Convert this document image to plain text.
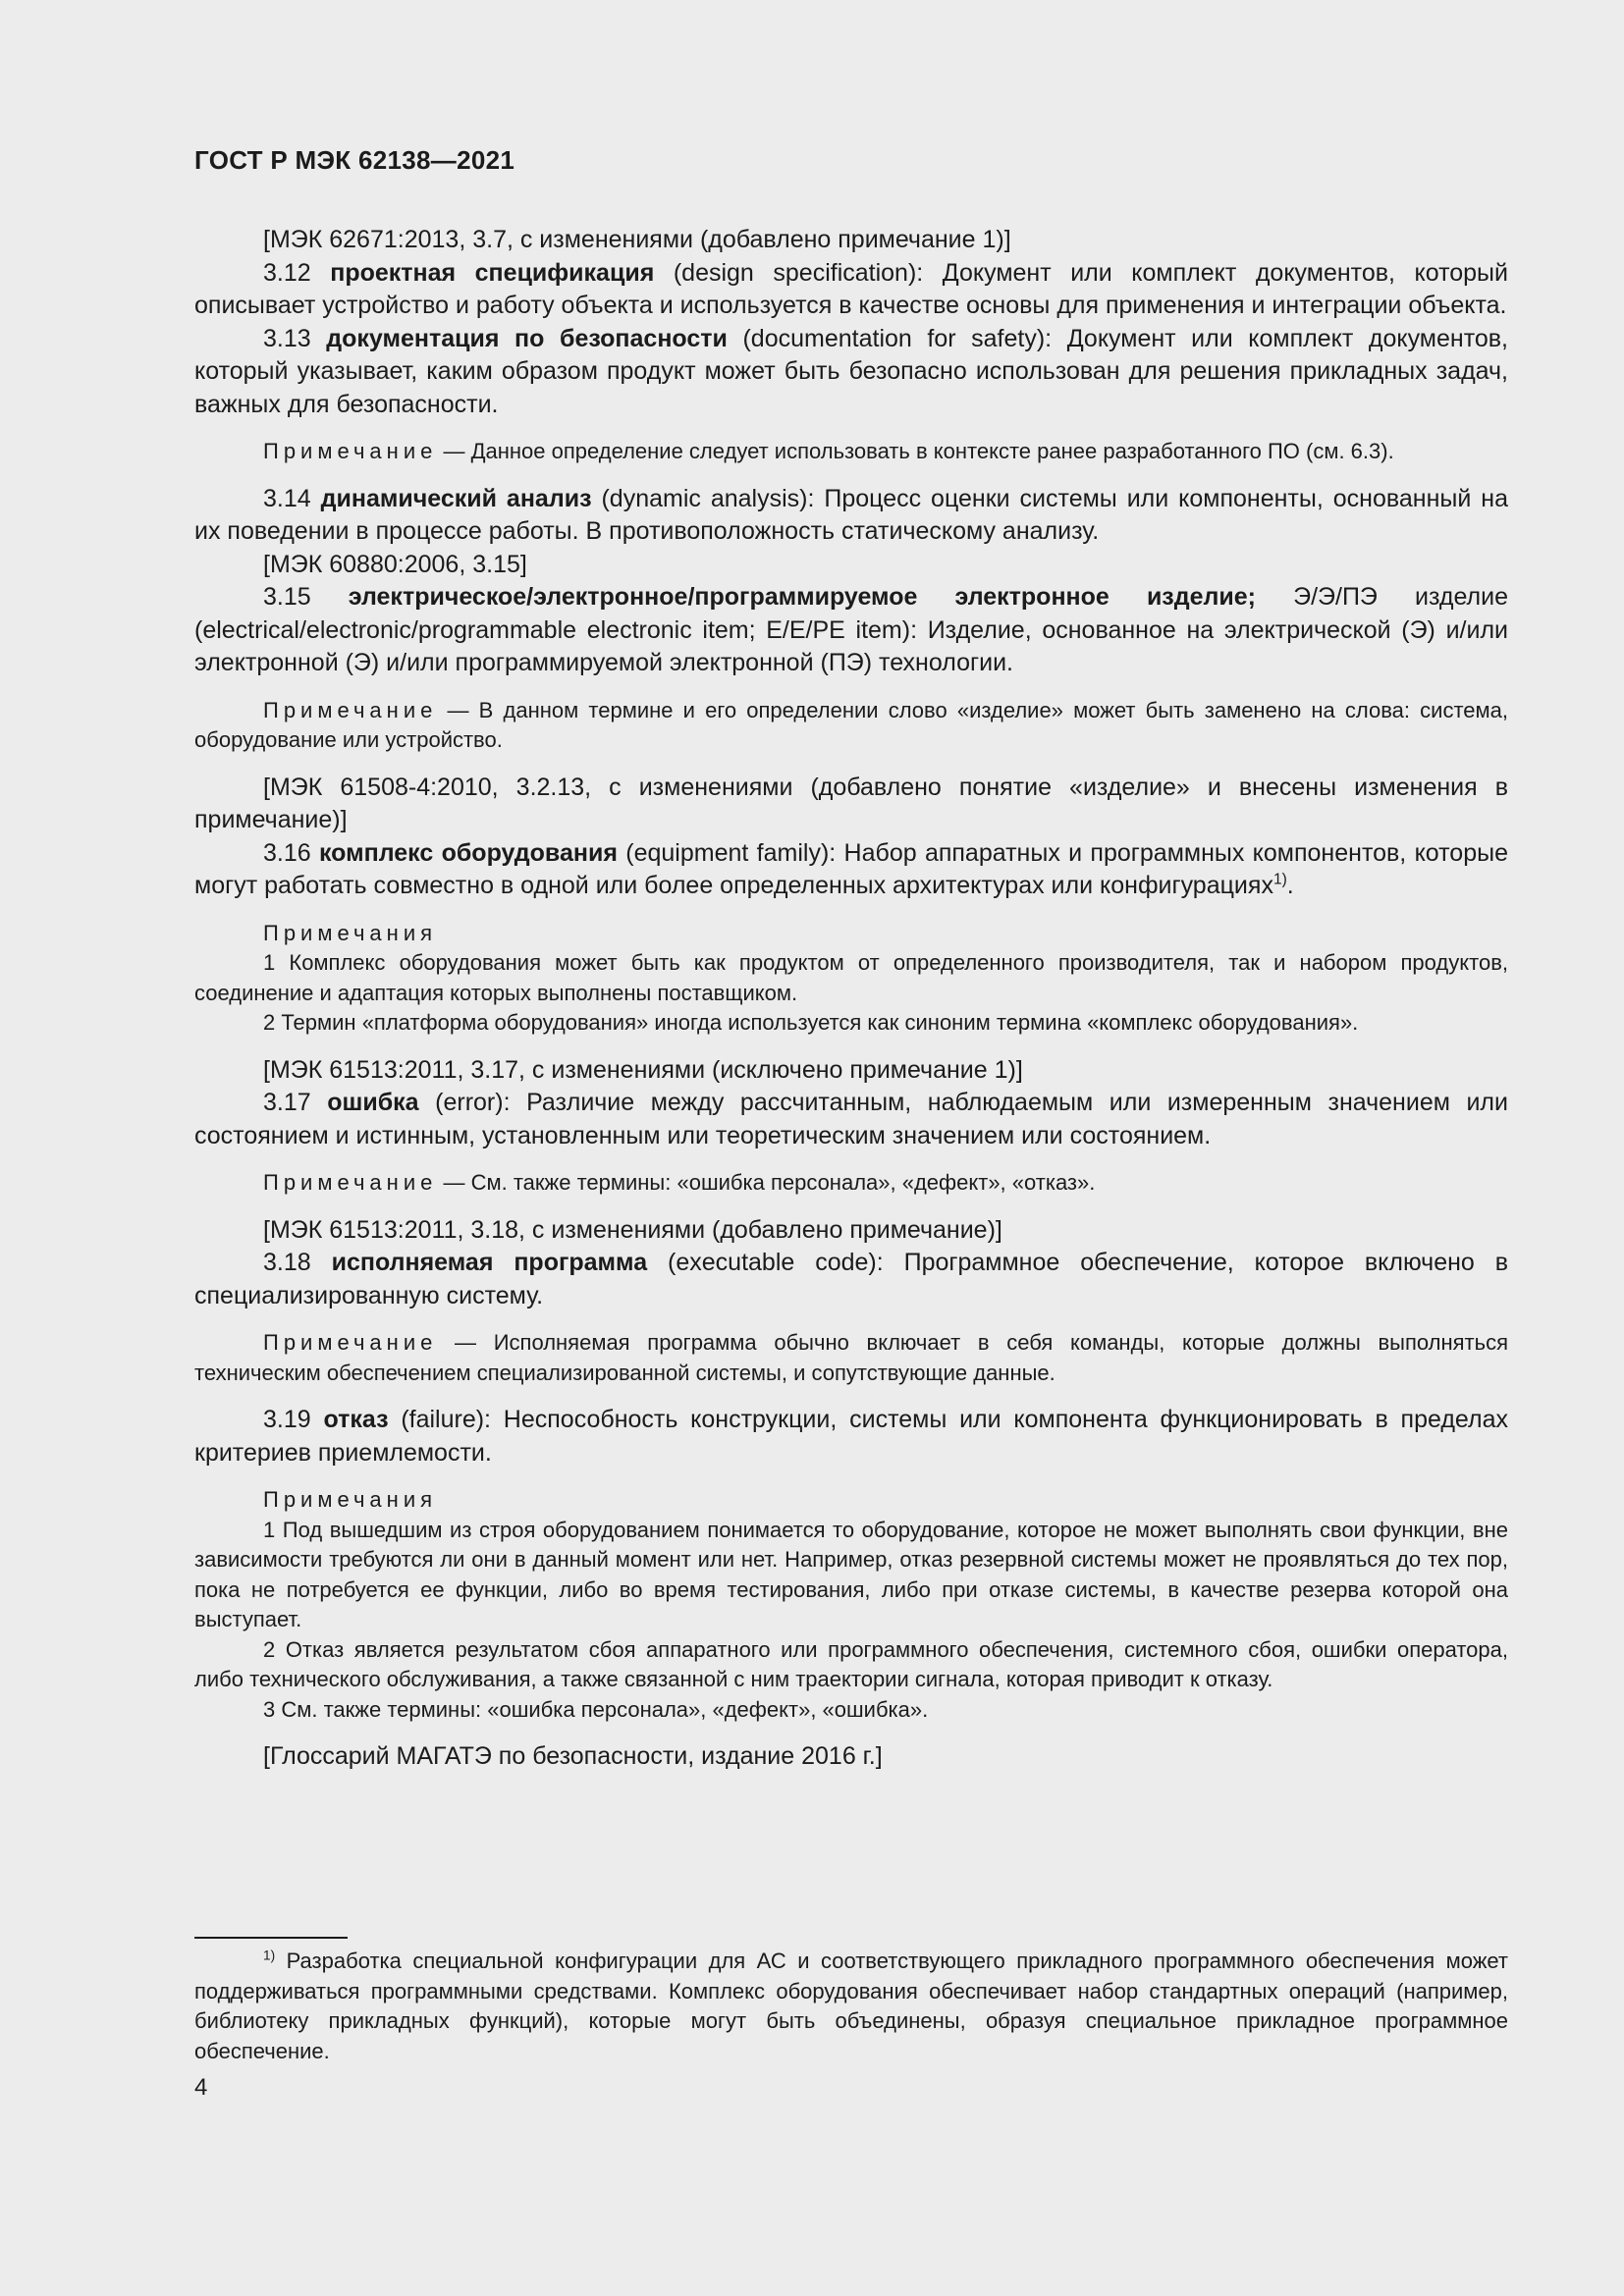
ГОСТ Р МЭК 62138—2021

[МЭК 62671:2013, 3.7, с изменениями (добавлено примечание 1)]

3.12 проектная спецификация (design specification): Документ или комплект документов, который описывает устройство и работу объекта и используется в качестве основы для применения и интеграции объекта.

3.13 документация по безопасности (documentation for safety): Документ или комплект документов, который указывает, каким образом продукт может быть безопасно использован для решения прикладных задач, важных для безопасности.

Примечание — Данное определение следует использовать в контексте ранее разработанного ПО (см. 6.3).

3.14 динамический анализ (dynamic analysis): Процесс оценки системы или компоненты, основанный на их поведении в процессе работы. В противоположность статическому анализу.

[МЭК 60880:2006, 3.15]

3.15 электрическое/электронное/программируемое электронное изделие; Э/Э/ПЭ изделие (electrical/electronic/programmable electronic item; E/E/PE item): Изделие, основанное на электрической (Э) и/или электронной (Э) и/или программируемой электронной (ПЭ) технологии.

Примечание — В данном термине и его определении слово «изделие» может быть заменено на слова: система, оборудование или устройство.

[МЭК 61508-4:2010, 3.2.13, с изменениями (добавлено понятие «изделие» и внесены изменения в примечание)]

3.16 комплекс оборудования (equipment family): Набор аппаратных и программных компонентов, которые могут работать совместно в одной или более определенных архитектурах или конфигурациях$^{1)}$.

Примечания

1 Комплекс оборудования может быть как продуктом от определенного производителя, так и набором продуктов, соединение и адаптация которых выполнены поставщиком.

2 Термин «платформа оборудования» иногда используется как синоним термина «комплекс оборудования».

[МЭК 61513:2011, 3.17, с изменениями (исключено примечание 1)]

3.17 ошибка (error): Различие между рассчитанным, наблюдаемым или измеренным значением или состоянием и истинным, установленным или теоретическим значением или состоянием.

Примечание — См. также термины: «ошибка персонала», «дефект», «отказ».

[МЭК 61513:2011, 3.18, с изменениями (добавлено примечание)]

3.18 исполняемая программа (executable code): Программное обеспечение, которое включено в специализированную систему.

Примечание — Исполняемая программа обычно включает в себя команды, которые должны выполняться техническим обеспечением специализированной системы, и сопутствующие данные.

3.19 отказ (failure): Неспособность конструкции, системы или компонента функционировать в пределах критериев приемлемости.

Примечания

1 Под вышедшим из строя оборудованием понимается то оборудование, которое не может выполнять свои функции, вне зависимости требуются ли они в данный момент или нет. Например, отказ резервной системы может не проявляться до тех пор, пока не потребуется ее функции, либо во время тестирования, либо при отказе системы, в качестве резерва которой она выступает.

2 Отказ является результатом сбоя аппаратного или программного обеспечения, системного сбоя, ошибки оператора, либо технического обслуживания, а также связанной с ним траектории сигнала, которая приводит к отказу.

3 См. также термины: «ошибка персонала», «дефект», «ошибка».

[Глоссарий МАГАТЭ по безопасности, издание 2016 г.]

$^{1)}$ Разработка специальной конфигурации для АС и соответствующего прикладного программного обеспечения может поддерживаться программными средствами. Комплекс оборудования обеспечивает набор стандартных операций (например, библиотеку прикладных функций), которые могут быть объединены, образуя специальное прикладное программное обеспечение.

4
